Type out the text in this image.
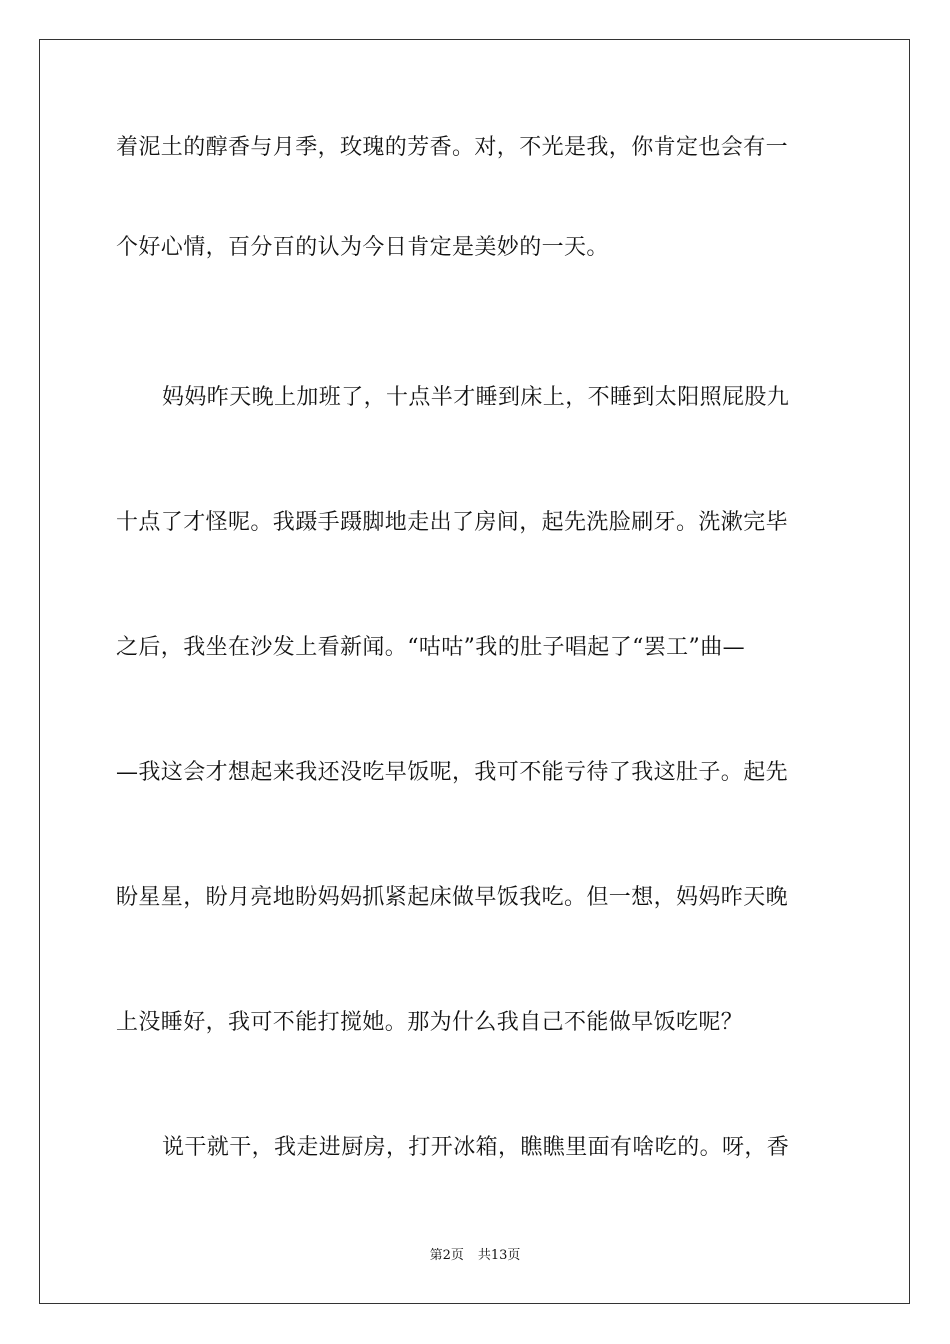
着泥土的醇香与月季，玫瑰的芳香。对，不光是我，你肯定也会有一
个好心情，百分百的认为今日肯定是美妙的一天。
妈妈昨天晚上加班了，十点半才睡到床上，不睡到太阳照屁股九
十点了才怪呢。我蹑手蹑脚地走出了房间，起先洗脸刷牙。洗漱完毕
之后，我坐在沙发上看新闻。“咕咕”我的肚子唱起了“罢工”曲—
—我这会才想起来我还没吃早饭呢，我可不能亏待了我这肚子。起先
盼星星，盼月亮地盼妈妈抓紧起床做早饭我吃。但一想，妈妈昨天晚
上没睡好，我可不能打搅她。那为什么我自己不能做早饭吃呢？
说干就干，我走进厨房，打开冰箱，瞧瞧里面有啥吃的。呀，香
第2页 共13页
